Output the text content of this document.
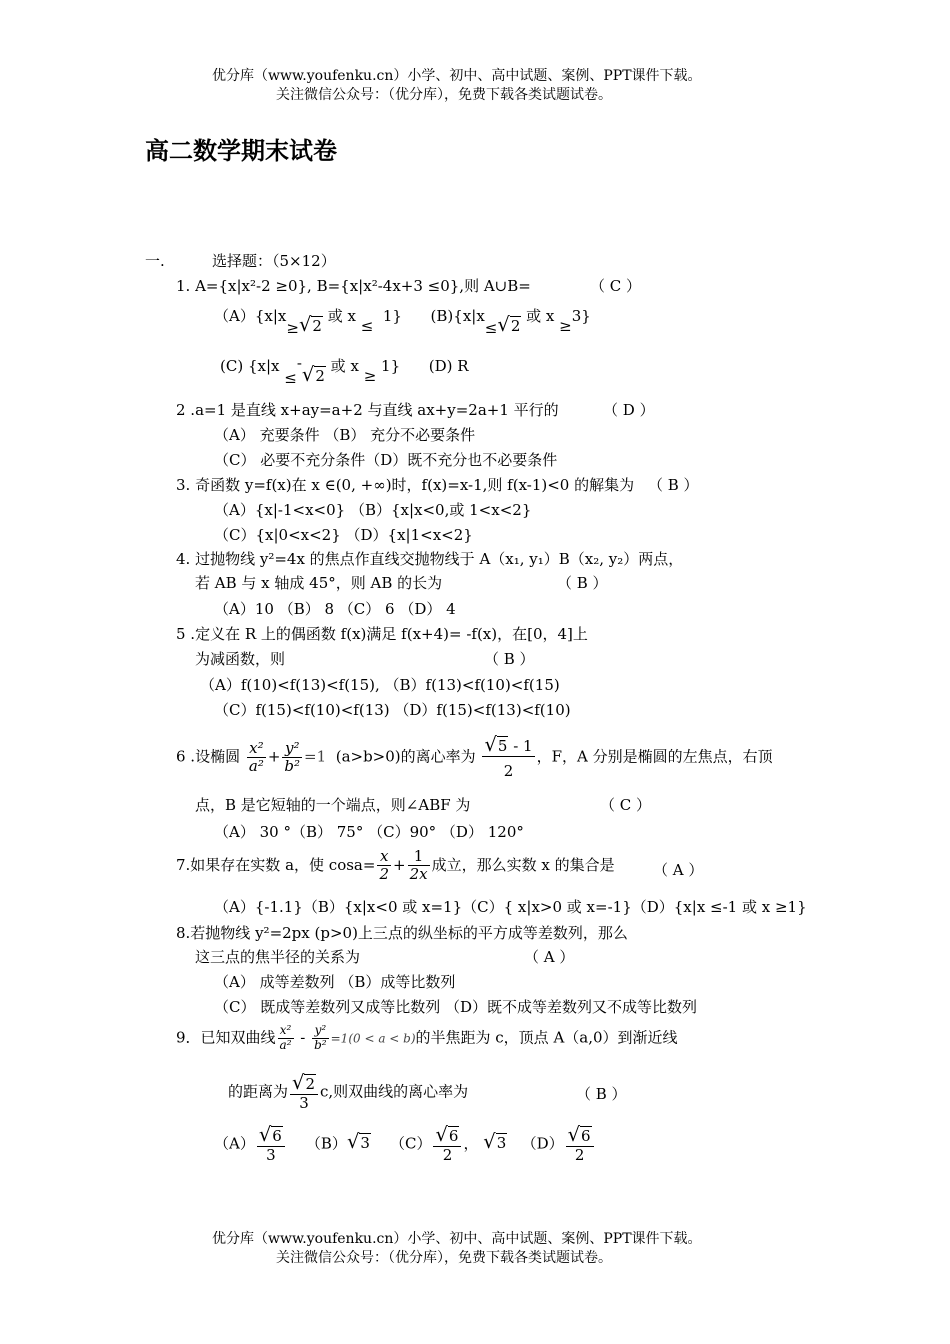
优分库（www.youfenku.cn）小学、初中、高中试题、案例、PPT课件下载。
关注微信公众号：（优分库），免费下载各类试题试卷。
高二数学期末试卷
一.	选择题：（5×12）
1. A={x|x²-2 ≥0}, B={x|x²-4x+3 ≤0},则 A∪B=	（ C ）
（A）{x|x≥√2 或 x ≤  1} (B){x|x≤√2 或 x ≥3}
(C) {x|x ≤-√2 或 x ≥ 1} (D) R
2 .a=1 是直线 x+ay=a+2 与直线 ax+y=2a+1 平行的	（ D ）
（A） 充要条件 （B） 充分不必要条件
（C） 必要不充分条件（D）既不充分也不必要条件
3. 奇函数 y=f(x)在 x ∈(0, +∞)时，f(x)=x-1,则 f(x-1)<0 的解集为 （ B ）
（A）{x|-1<x<0} （B）{x|x<0,或 1<x<2}
（C）{x|0<x<2} （D）{x|1<x<2}
4. 过抛物线 y²=4x 的焦点作直线交抛物线于 A（x₁, y₁）B（x₂, y₂）两点，
若 AB 与 x 轴成 45°，则 AB 的长为	（ B ）
（A）10 （B） 8 （C） 6 （D） 4
5 .定义在 R 上的偶函数 f(x)满足 f(x+4)= -f(x)，在[0，4]上
为减函数，则	（ B ）
（A）f(10)<f(13)<f(15), （B）f(13)<f(10)<f(15)
（C）f(15)<f(10)<f(13) （D）f(15)<f(13)<f(10)
6 .设椭圆 $\frac{\text{x²}}{\text{a²}} + \frac{\text{y²}}{\text{b²}} =1$ (a>b>0)的离心率为 $\frac{√5 - 1}{2}$ ，F，A 分别是椭圆的左焦点，右顶
点，B 是它短轴的一个端点，则∠ABF 为	（ C ）
（A） 30 °（B） 75° （C）90° （D） 120°
7.如果存在实数 a，使 $\cos a= \frac{x}{2} + \frac{1}{2x}$ 成立，那么实数 x 的集合是	（ A ）
（A）{-1.1}（B）{x|x<0 或 x=1}（C）{ x|x>0 或 x=-1}（D）{x|x ≤-1 或 x ≥1}
8.若抛物线 y²=2px (p>0)上三点的纵坐标的平方成等差数列，那么
这三点的焦半径的关系为	（ A ）
（A） 成等差数列 （B）成等比数列
（C） 既成等差数列又成等比数列 （D）既不成等差数列又不成等比数列
9．已知双曲线 $\frac{\text{x²}}{\text{a²}} - \frac{\text{y²}}{\text{b²}} =1(0 < a < b)$的半焦距为 c，顶点 A（a,0）到渐近线
的距离为 $\frac{√2}{3} c$,则双曲线的离心率为	（ B ）
$(A) \frac{√6}{3} (B)√3$ $(C) \frac{√6}{2}$ ， √3 $(D) \frac{√6}{2}$
优分库（www.youfenku.cn）小学、初中、高中试题、案例、PPT课件下载。
关注微信公众号：（优分库），免费下载各类试题试卷。
